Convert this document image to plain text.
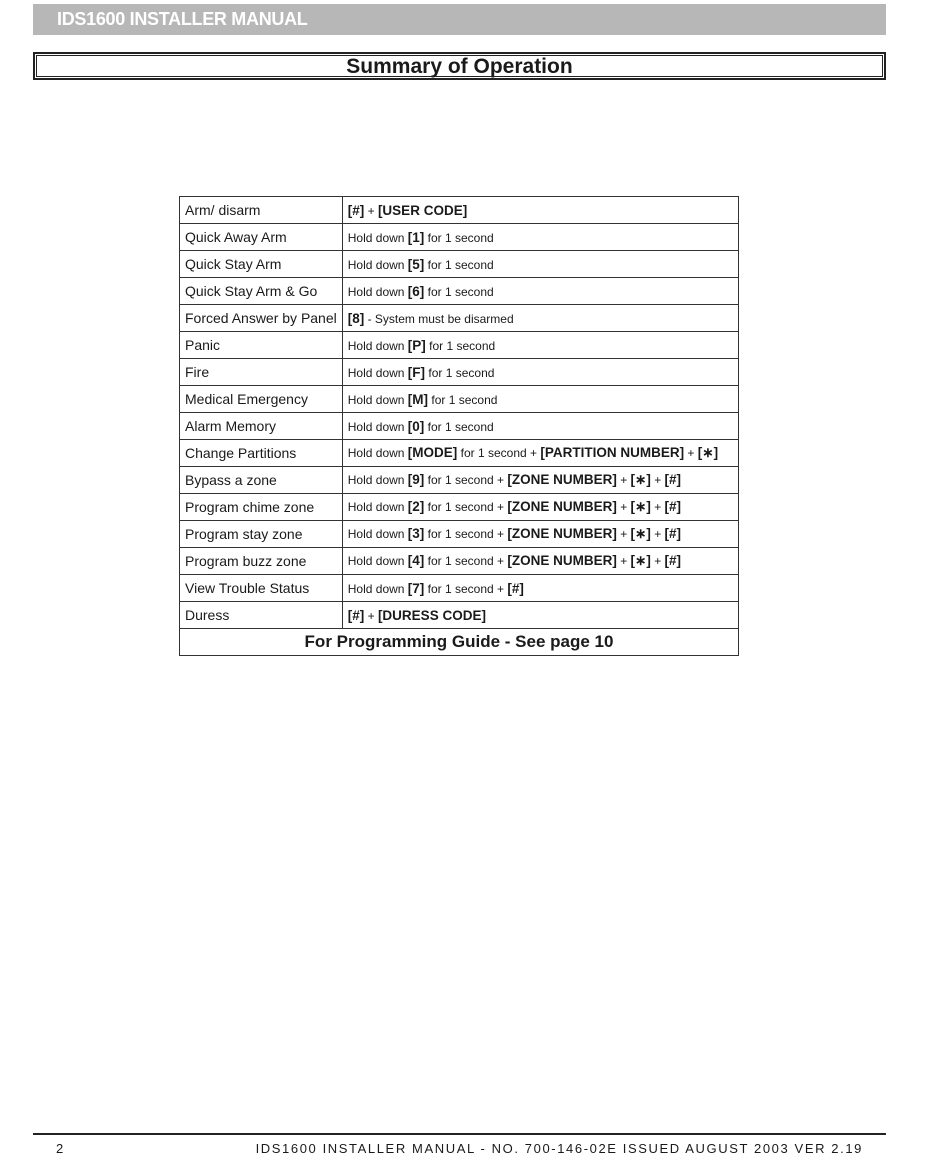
IDS1600 INSTALLER MANUAL
Summary of Operation
Arm/ disarm	[#] + [USER CODE]
Quick Away Arm	Hold down [1] for 1 second
Quick Stay Arm	Hold down [5] for 1 second
Quick Stay Arm & Go	Hold down [6] for 1 second
Forced Answer by Panel	[8] - System must be disarmed
Panic	Hold down [P] for 1 second
Fire	Hold down [F] for 1 second
Medical Emergency	Hold down [M] for 1 second
Alarm Memory	Hold down [0] for 1 second
Change Partitions	Hold down [MODE] for 1 second + [PARTITION NUMBER] + [∗]
Bypass a zone	Hold down [9] for 1 second + [ZONE NUMBER] + [∗] + [#]
Program chime zone	Hold down [2] for 1 second + [ZONE NUMBER] + [∗] + [#]
Program stay zone	Hold down [3] for 1 second + [ZONE NUMBER] + [∗] + [#]
Program buzz zone	Hold down [4] for 1 second + [ZONE NUMBER] + [∗] + [#]
View Trouble Status	Hold down [7] for 1 second + [#]
Duress	[#] + [DURESS CODE]
For Programming Guide - See page 10	
2	IDS1600 INSTALLER MANUAL - NO. 700-146-02E ISSUED AUGUST 2003 VER 2.19
